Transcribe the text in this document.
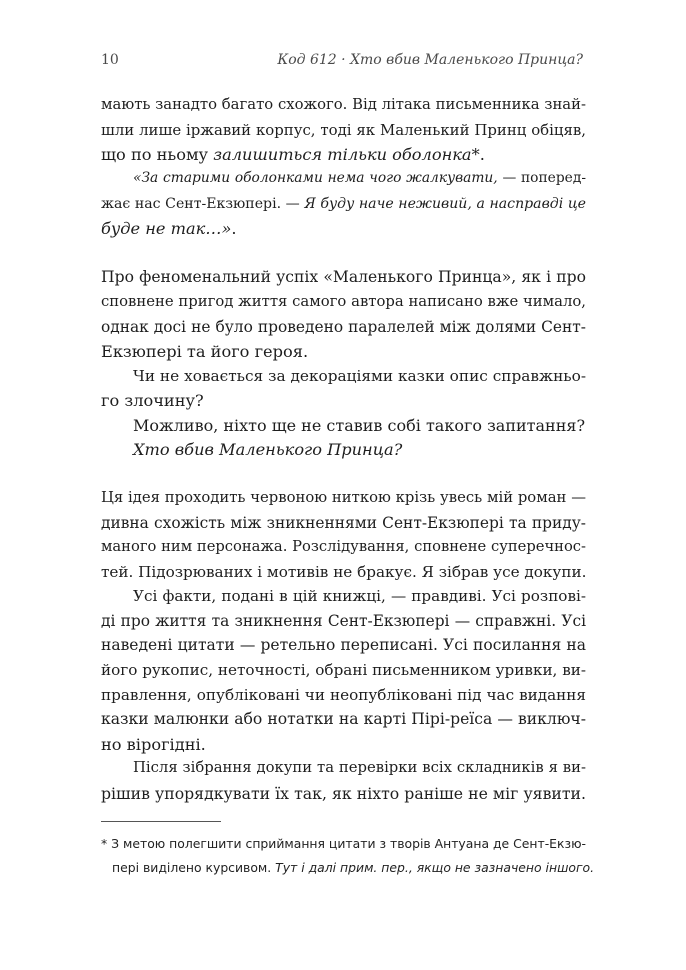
10	Код 612 · Хто вбив Маленького Принца?
мають занадто багато схожого. Від літака письменника знай-
шли лише іржавий корпус, тоді як Маленький Принц обіцяв,
що по ньому залишиться тільки оболонка*.
«За старими оболонками нема чого жалкувати, — поперед-
жає нас Сент-Екзюпері. — Я буду наче неживий, а насправді це
буде не так…».
Про феноменальний успіх «Маленького Принца», як і про
сповнене пригод життя самого автора написано вже чимало,
однак досі не було проведено паралелей між долями Сент-
Екзюпері та його героя.
Чи не ховається за декораціями казки опис справжньо-
го злочину?
Можливо, ніхто ще не ставив собі такого запитання?
Хто вбив Маленького Принца?
Ця ідея проходить червоною ниткою крізь увесь мій роман —
дивна схожість між зникненнями Сент-Екзюпері та приду-
маного ним персонажа. Розслідування, сповнене суперечнос-
тей. Підозрюваних і мотивів не бракує. Я зібрав усе докупи.
Усі факти, подані в цій книжці, — правдиві. Усі розпові-
ді про життя та зникнення Сент-Екзюпері — справжні. Усі
наведені цитати — ретельно переписані. Усі посилання на
його рукопис, неточності, обрані письменником уривки, ви-
правлення, опубліковані чи неопубліковані під час видання
казки малюнки або нотатки на карті Пірі-реїса — виключ-
но вірогідні.
Після зібрання докупи та перевірки всіх складників я ви-
рішив упорядкувати їх так, як ніхто раніше не міг уявити.
* З метою полегшити сприймання цитати з творів Антуана де Сент-Екзю-
пері виділено курсивом. Тут і далі прим. пер., якщо не зазначено іншого.
